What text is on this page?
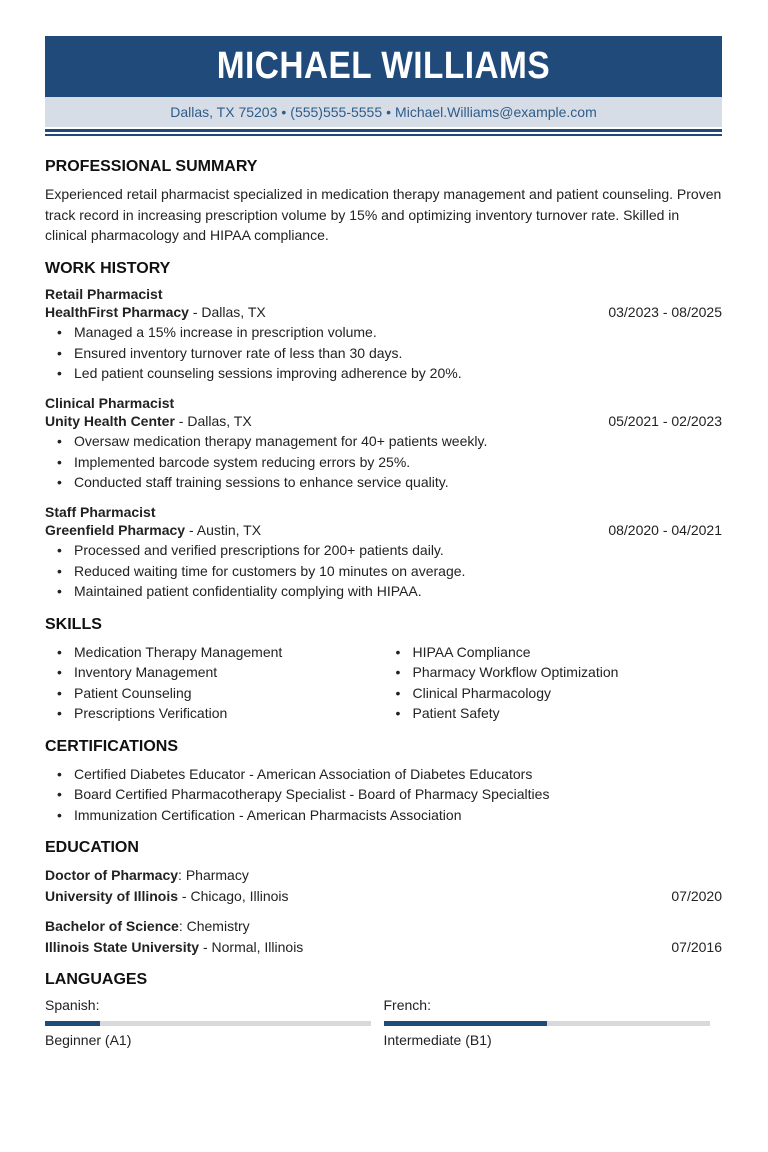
MICHAEL WILLIAMS
Dallas, TX 75203 • (555)555-5555 • Michael.Williams@example.com
PROFESSIONAL SUMMARY

Experienced retail pharmacist specialized in medication therapy management and patient counseling. Proven track record in increasing prescription volume by 15% and optimizing inventory turnover rate. Skilled in clinical pharmacology and HIPAA compliance.

WORK HISTORY
Retail Pharmacist
HealthFirst Pharmacy - Dallas, TX	03/2023 - 08/2025
• Managed a 15% increase in prescription volume.
• Ensured inventory turnover rate of less than 30 days.
• Led patient counseling sessions improving adherence by 20%.
Clinical Pharmacist
Unity Health Center - Dallas, TX	05/2021 - 02/2023
• Oversaw medication therapy management for 40+ patients weekly.
• Implemented barcode system reducing errors by 25%.
• Conducted staff training sessions to enhance service quality.
Staff Pharmacist
Greenfield Pharmacy - Austin, TX	08/2020 - 04/2021
• Processed and verified prescriptions for 200+ patients daily.
• Reduced waiting time for customers by 10 minutes on average.
• Maintained patient confidentiality complying with HIPAA.
SKILLS
• Medication Therapy Management
• Inventory Management
• Patient Counseling
• Prescriptions Verification
• HIPAA Compliance
• Pharmacy Workflow Optimization
• Clinical Pharmacology
• Patient Safety
CERTIFICATIONS
• Certified Diabetes Educator - American Association of Diabetes Educators
• Board Certified Pharmacotherapy Specialist - Board of Pharmacy Specialties
• Immunization Certification - American Pharmacists Association
EDUCATION
Doctor of Pharmacy: Pharmacy
University of Illinois - Chicago, Illinois	07/2020
Bachelor of Science: Chemistry
Illinois State University - Normal, Illinois	07/2016
LANGUAGES
Spanish:
Beginner (A1)
French:
Intermediate (B1)
